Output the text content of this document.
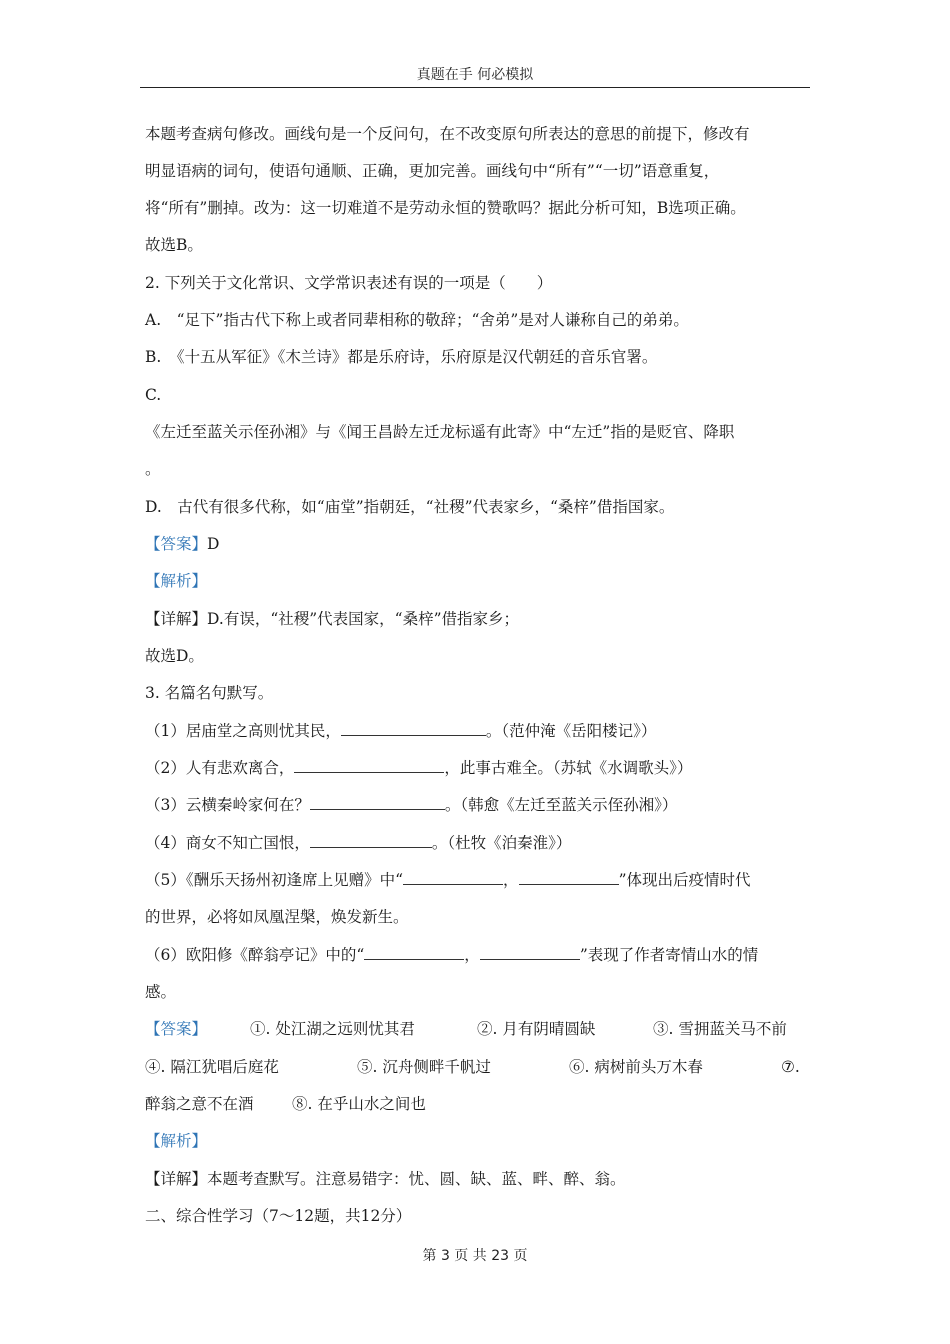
真题在手 何必模拟
本题考查病句修改。画线句是一个反问句，在不改变原句所表达的意思的前提下，修改有
明显语病的词句，使语句通顺、正确，更加完善。画线句中“所有”“一切”语意重复，
将“所有”删掉。改为：这一切难道不是劳动永恒的赞歌吗？据此分析可知，B选项正确。
故选B。
2. 下列关于文化常识、文学常识表述有误的一项是（　　）
A.　“足下”指古代下称上或者同辈相称的敬辞；“舍弟”是对人谦称自己的弟弟。
B.　《十五从军征》《木兰诗》都是乐府诗，乐府原是汉代朝廷的音乐官署。
C.
《左迁至蓝关示侄孙湘》与《闻王昌龄左迁龙标遥有此寄》中“左迁”指的是贬官、降职
。
D.　古代有很多代称，如“庙堂”指朝廷，“社稷”代表家乡，“桑梓”借指国家。
【答案】D
【解析】
【详解】D.有误，“社稷”代表国家，“桑梓”借指家乡；
故选D。
3. 名篇名句默写。
（1）居庙堂之高则忧其民，	。（范仲淹《岳阳楼记》）
（2）人有悲欢离合，	，此事古难全。（苏轼《水调歌头》）
（3）云横秦岭家何在？	。（韩愈《左迁至蓝关示侄孙湘》）
（4）商女不知亡国恨，	。（杜牧《泊秦淮》）
（5）《酬乐天扬州初逢席上见赠》中“	，	”体现出后疫情时代
的世界，必将如凤凰涅槃，焕发新生。
（6）欧阳修《醉翁亭记》中的“	，	”表现了作者寄情山水的情
感。
【答案】	①. 处江湖之远则忧其君	②. 月有阴晴圆缺	③. 雪拥蓝关马不前
④. 隔江犹唱后庭花	⑤. 沉舟侧畔千帆过	⑥. 病树前头万木春	⑦.
醉翁之意不在酒 ⑧. 在乎山水之间也
【解析】
【详解】本题考查默写。注意易错字：忧、圆、缺、蓝、畔、醉、翁。
二、综合性学习（7～12题，共12分）
第 3 页 共 23 页
